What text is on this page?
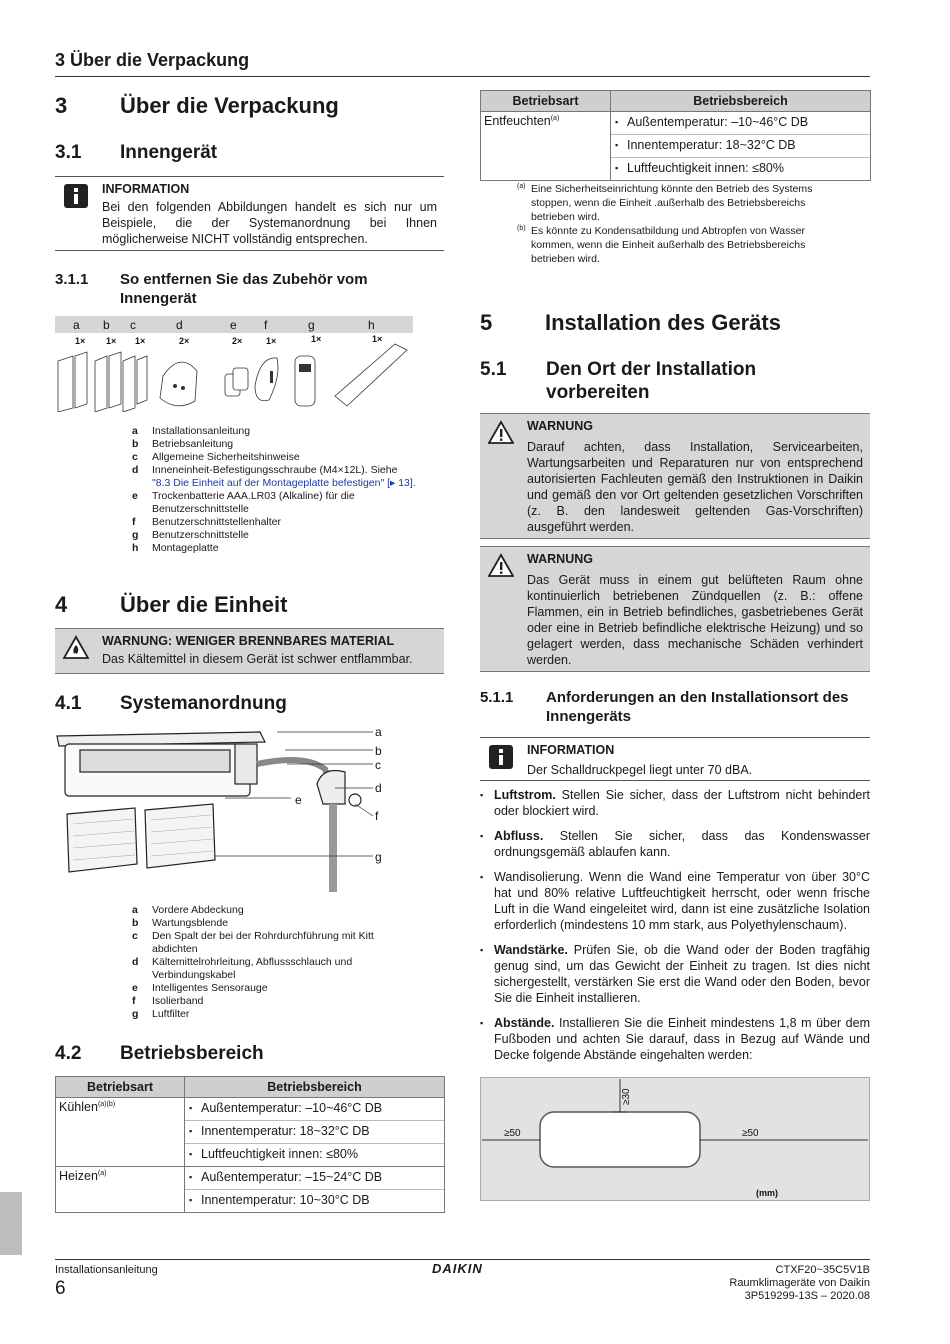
3 Über die Verpackung
3 Über die Verpackung
3.1 Innengerät
INFORMATION
Bei den folgenden Abbildungen handelt es sich nur um Beispiele, die der Systemanordnung bei Ihnen möglicherweise NICHT vollständig entsprechen.
3.1.1 So entfernen Sie das Zubehör vom Innengerät
a b c	d	e f	g	h
1× 1× 1×	2×	2×	1×	1×	1×
a Installationsanleitung
b Betriebsanleitung
c Allgemeine Sicherheitshinweise
d Inneneinheit-Befestigungsschraube (M4×12L). Siehe
"8.3 Die Einheit auf der Montageplatte befestigen" [▸ 13].
e Trockenbatterie AAA.LR03 (Alkaline) für die
Benutzerschnittstelle
f Benutzerschnittstellenhalter
g Benutzerschnittstelle
h Montageplatte
4 Über die Einheit
WARNUNG: WENIGER BRENNBARES MATERIAL
Das Kältemittel in diesem Gerät ist schwer entflammbar.
4.1 Systemanordnung
a
b
c
d
e
f
g
a Vordere Abdeckung
b Wartungsblende
c Den Spalt der bei der Rohrdurchführung mit Kitt
abdichten
d Kältemittelrohrleitung, Abflussschlauch und
Verbindungskabel
e Intelligentes Sensorauge
f Isolierband
g Luftfilter
4.2 Betriebsbereich
Betriebsart	Betriebsbereich
Kühlen$^{(a)(b)}$	▪ Außentemperatur: –10~46°C DB
▪ Innentemperatur: 18~32°C DB
▪ Luftfeuchtigkeit innen: ≤80%

Heizen$^{(a)}$	▪ Außentemperatur: –15~24°C DB
▪ Innentemperatur: 10~30°C DB
Betriebsart	Betriebsbereich
Entfeuchten$^{(a)}$	▪ Außentemperatur: –10~46°C DB
▪ Innentemperatur: 18~32°C DB
▪ Luftfeuchtigkeit innen: ≤80%
(a) Eine Sicherheitseinrichtung könnte den Betrieb des Systems stoppen, wenn die Einheit .außerhalb des Betriebsbereichs betrieben wird.
(b) Es könnte zu Kondensatbildung und Abtropfen von Wasser kommen, wenn die Einheit außerhalb des Betriebsbereichs betrieben wird.
5 Installation des Geräts
5.1	Den Ort der Installation vorbereiten
WARNUNG
Darauf achten, dass Installation, Servicearbeiten, Wartungsarbeiten und Reparaturen nur von entsprechend autorisierten Fachleuten gemäß den Instruktionen in Daikin und gemäß den vor Ort geltenden gesetzlichen Vorschriften (z. B. den landesweit geltenden Gas-Vorschriften) ausgeführt werden.
WARNUNG
Das Gerät muss in einem gut belüfteten Raum ohne kontinuierlich betriebenen Zündquellen (z. B.: offene Flammen, ein in Betrieb befindliches, gasbetriebenes Gerät oder eine in Betrieb befindliche elektrische Heizung) und so gelagert werden, dass mechanische Schäden verhindert werden.
5.1.1 Anforderungen an den Installationsort des Innengeräts
INFORMATION
Der Schalldruckpegel liegt unter 70 dBA.
▪ Luftstrom. Stellen Sie sicher, dass der Luftstrom nicht behindert oder blockiert wird.
▪ Abfluss. Stellen Sie sicher, dass das Kondenswasser ordnungsgemäß ablaufen kann.
▪ Wandisolierung. Wenn die Wand eine Temperatur von über 30°C hat und 80% relative Luftfeuchtigkeit herrscht, oder wenn frische Luft in die Wand eingeleitet wird, dann ist eine zusätzliche Isolation erforderlich (mindestens 10 mm stark, aus Polyethylenschaum).
▪ Wandstärke. Prüfen Sie, ob die Wand oder der Boden tragfähig genug sind, um das Gewicht der Einheit zu tragen. Ist dies nicht sichergestellt, verstärken Sie erst die Wand oder den Boden, bevor Sie die Einheit installieren.
▪ Abstände. Installieren Sie die Einheit mindestens 1,8 m über dem Fußboden und achten Sie darauf, dass in Bezug auf Wände und Decke folgende Abstände eingehalten werden:
≥30
≥50	≥50
(mm)
Installationsanleitung
6
DAIKIN	CTXF20~35C5V1B
Raumklimageräte von Daikin
3P519299-13S – 2020.08
